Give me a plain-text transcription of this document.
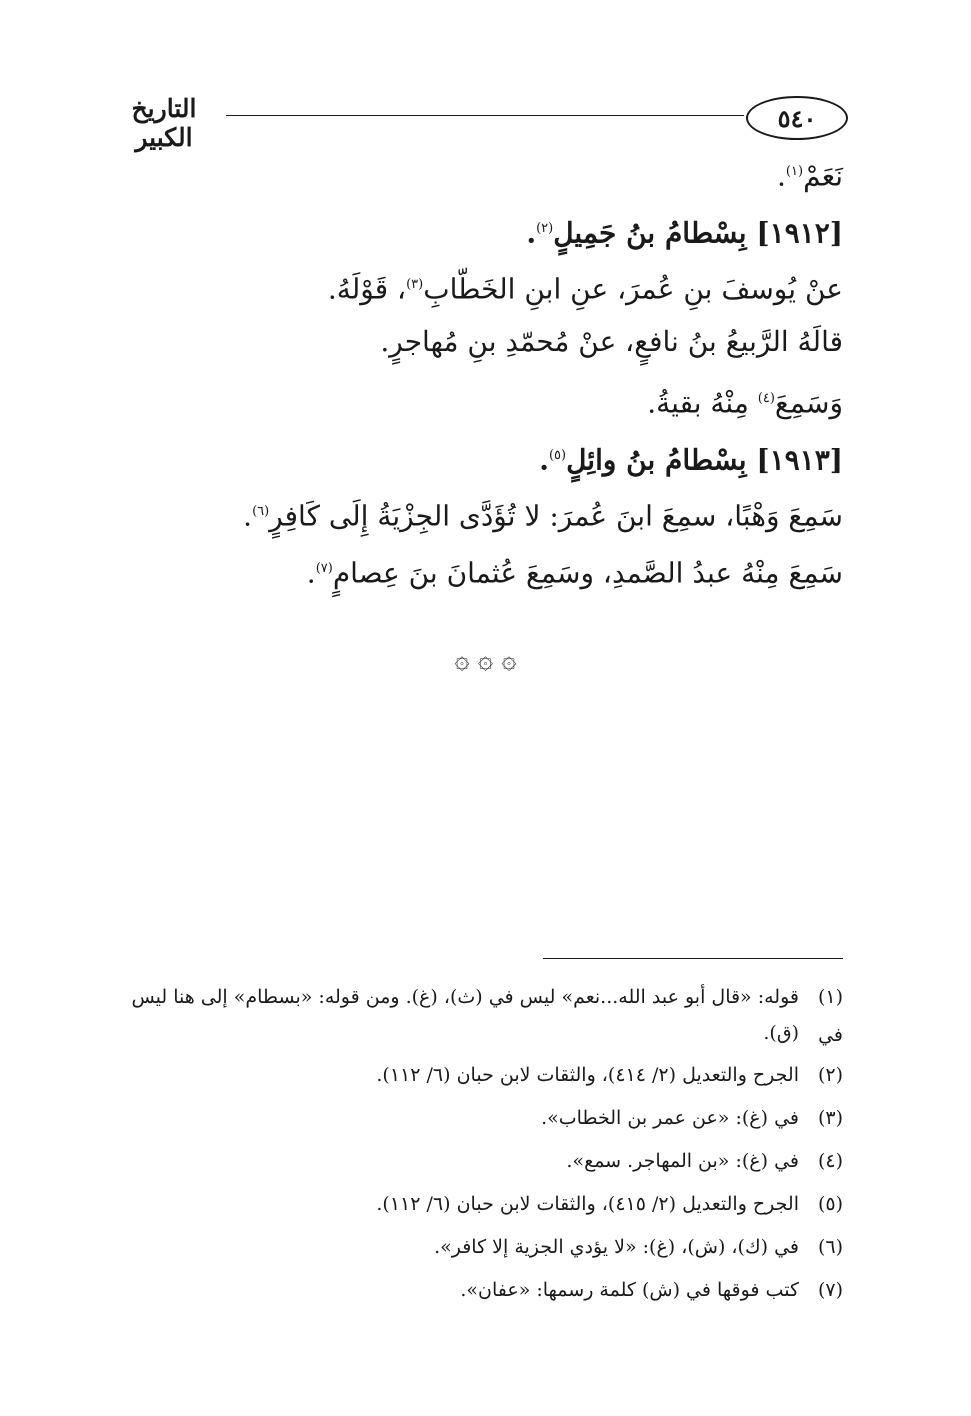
٥٤٠
التاريخ الكبير
نَعَمْ$^{(١)}$.
[١٩١٢] بِسْطامُ بنُ جَمِيلٍ$^{(٢)}$.
عنْ يُوسفَ بنِ عُمرَ، عنِ ابنِ الخَطّابِ$^{(٣)}$، قَوْلَهُ.
قالَهُ الرَّبيعُ بنُ نافعٍ، عنْ مُحمّدِ بنِ مُهاجرٍ.
وَسَمِعَ$^{(٤)}$ مِنْهُ بقيةُ.
[١٩١٣] بِسْطامُ بنُ وائِلٍ$^{(٥)}$.
سَمِعَ وَهْبًا، سمِعَ ابنَ عُمرَ: لا تُؤَدَّى الجِزْيَةُ إِلَى كَافِرٍ$^{(٦)}$.
سَمِعَ مِنْهُ عبدُ الصَّمدِ، وسَمِعَ عُثمانَ بنَ عِصامٍ$^{(٧)}$.
۞ ۞ ۞
(١)قوله: «قال أبو عبد الله...نعم» ليس في (ث)، (غ). ومن قوله: «بسطام» إلى هنا ليس في
(ق).
(٢)الجرح والتعديل (٢/ ٤١٤)، والثقات لابن حبان (٦/ ١١٢).
(٣)في (غ): «عن عمر بن الخطاب».
(٤)في (غ): «بن المهاجر. سمع».
(٥)الجرح والتعديل (٢/ ٤١٥)، والثقات لابن حبان (٦/ ١١٢).
(٦)في (ك)، (ش)، (غ): «لا يؤدي الجزية إلا كافر».
(٧)كتب فوقها في (ش) كلمة رسمها: «عفان».
